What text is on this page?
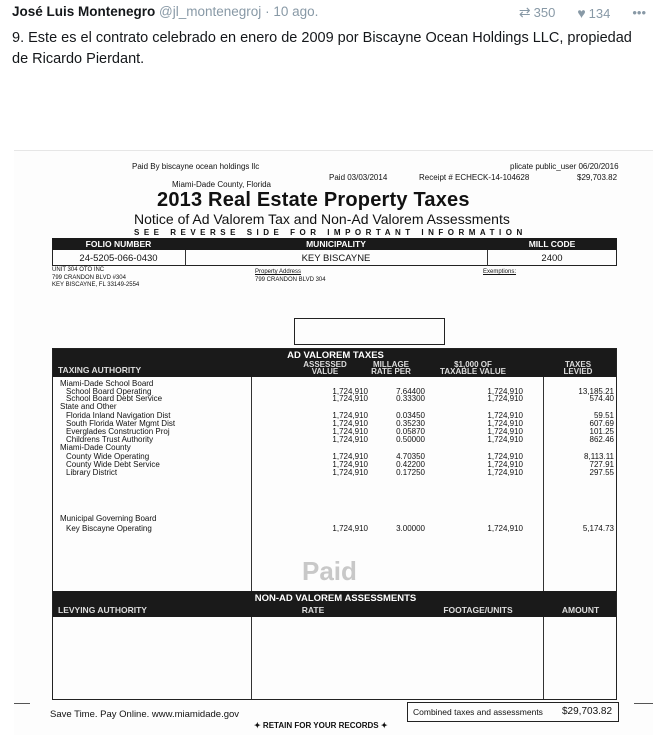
José Luis Montenegro @jl_montenegroj · 10 ago.	⇄ 350 ♥ 134 •••
9. Este es el contrato celebrado en enero de 2009 por Biscayne Ocean Holdings LLC, propiedad de Ricardo Pierdant.
Paid By biscayne ocean holdings llc
Paid 03/03/2014	Receipt # ECHECK-14-104628
plicate public_user 06/20/2016
$29,703.82
Miami-Dade County, Florida
2013 Real Estate Property Taxes
Notice of Ad Valorem Tax and Non-Ad Valorem Assessments
SEE REVERSE SIDE FOR IMPORTANT INFORMATION
FOLIO NUMBER	MUNICIPALITY	MILL CODE
24-5205-066-0430	KEY BISCAYNE	2400
UNIT 304 OTO INC
799 CRANDON BLVD #304
KEY BISCAYNE, FL 33149-2554
Property Address
799 CRANDON BLVD 304
Exemptions:
AD VALOREM TAXES
TAXING AUTHORITY
ASSESSED
VALUE
MILLAGE
RATE PER
$1,000 OF
TAXABLE VALUE
TAXES
LEVIED
Miami-Dade School Board
School Board Operating	1,724,910	7.64400	1,724,910	13,185.21
School Board Debt Service	1,724,910	0.33300	1,724,910	574.40
State and Other
Florida Inland Navigation Dist	1,724,910	0.03450	1,724,910	59.51
South Florida Water Mgmt Dist	1,724,910	0.35230	1,724,910	607.69
Everglades Construction Proj	1,724,910	0.05870	1,724,910	101.25
Childrens Trust Authority	1,724,910	0.50000	1,724,910	862.46
Miami-Dade County
County Wide Operating	1,724,910	4.70350	1,724,910	8,113.11
County Wide Debt Service	1,724,910	0.42200	1,724,910	727.91
Library District	1,724,910	0.17250	1,724,910	297.55
Municipal Governing Board
Key Biscayne Operating	1,724,910	3.00000	1,724,910	5,174.73
NON-AD VALOREM ASSESSMENTS
LEVYING AUTHORITY	RATE	FOOTAGE/UNITS	AMOUNT
Paid
Save Time. Pay Online. www.miamidade.gov	Combined taxes and assessments $29,703.82
✦ RETAIN FOR YOUR RECORDS ✦
